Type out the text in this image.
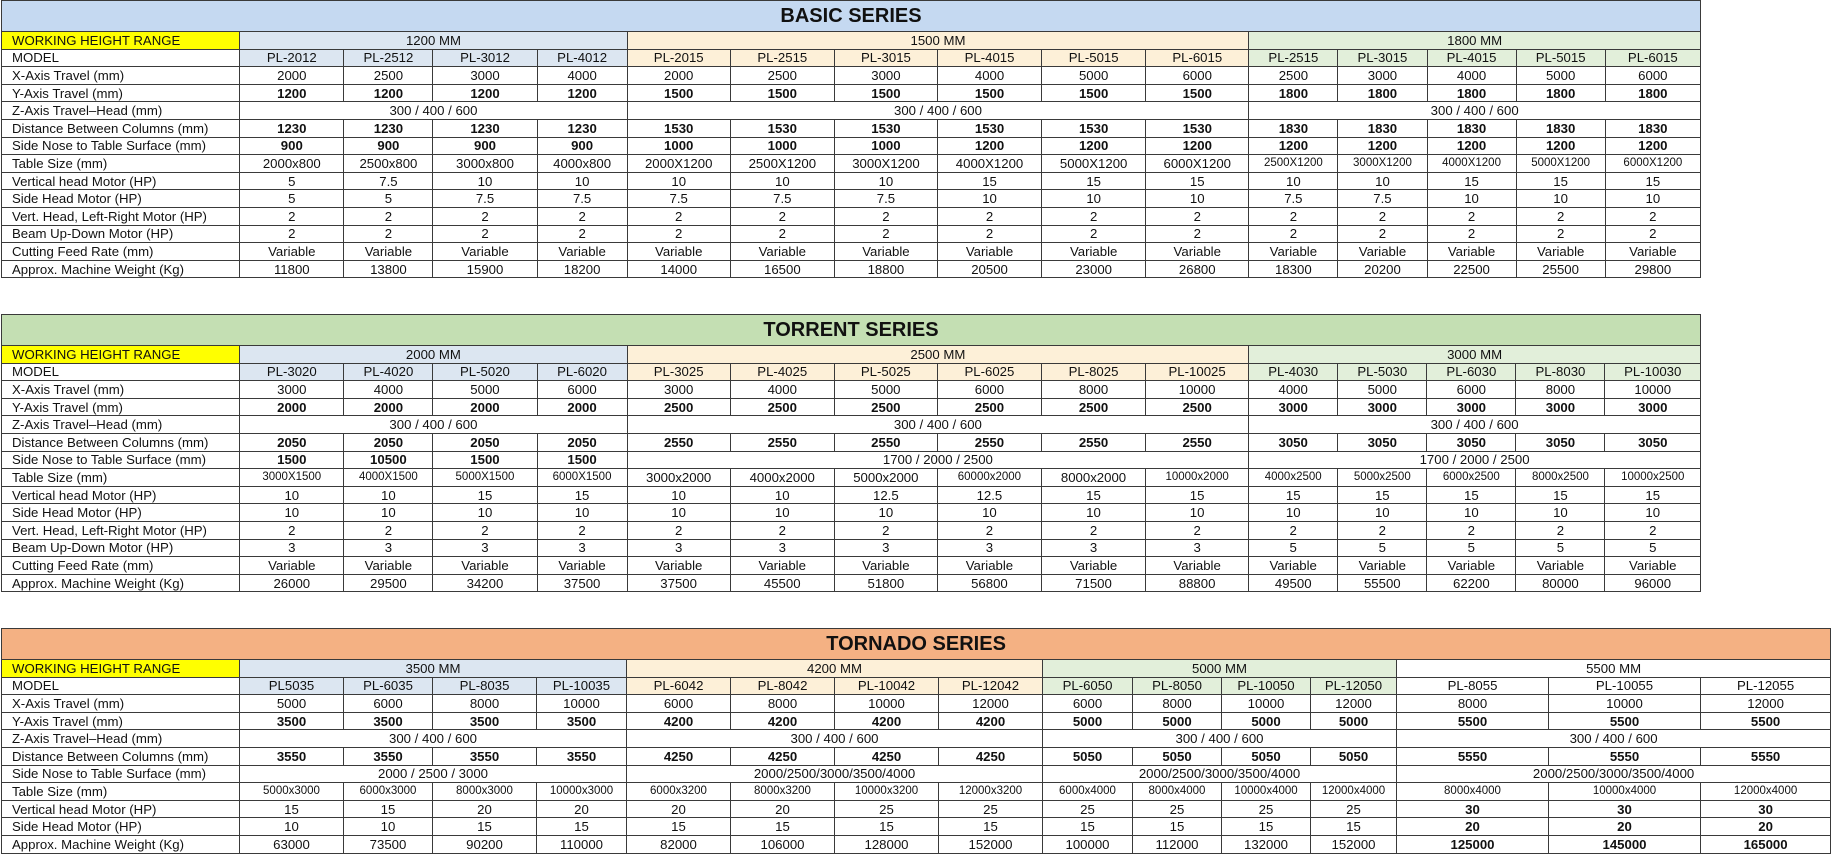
BASIC SERIES															
WORKING HEIGHT RANGE	1200 MM				1500 MM						1800 MM				
MODEL	PL-2012	PL-2512	PL-3012	PL-4012	PL-2015	PL-2515	PL-3015	PL-4015	PL-5015	PL-6015	PL-2515	PL-3015	PL-4015	PL-5015	PL-6015
X-Axis Travel (mm)	2000	2500	3000	4000	2000	2500	3000	4000	5000	6000	2500	3000	4000	5000	6000
Y-Axis Travel (mm)	1200	1200	1200	1200	1500	1500	1500	1500	1500	1500	1800	1800	1800	1800	1800
Z-Axis Travel–Head (mm)	300 / 400 / 600				300 / 400 / 600						300 / 400 / 600				
Distance Between Columns (mm)	1230	1230	1230	1230	1530	1530	1530	1530	1530	1530	1830	1830	1830	1830	1830
Side Nose to Table Surface (mm)	900	900	900	900	1000	1000	1000	1200	1200	1200	1200	1200	1200	1200	1200
Table Size (mm)	2000x800	2500x800	3000x800	4000x800	2000X1200	2500X1200	3000X1200	4000X1200	5000X1200	6000X1200	2500X1200	3000X1200	4000X1200	5000X1200	6000X1200
Vertical head Motor (HP)	5	7.5	10	10	10	10	10	15	15	15	10	10	15	15	15
Side Head Motor (HP)	5	5	7.5	7.5	7.5	7.5	7.5	10	10	10	7.5	7.5	10	10	10
Vert. Head, Left-Right Motor (HP)	2	2	2	2	2	2	2	2	2	2	2	2	2	2	2
Beam Up-Down Motor (HP)	2	2	2	2	2	2	2	2	2	2	2	2	2	2	2
Cutting Feed Rate (mm)	Variable	Variable	Variable	Variable	Variable	Variable	Variable	Variable	Variable	Variable	Variable	Variable	Variable	Variable	Variable
Approx. Machine Weight (Kg)	11800	13800	15900	18200	14000	16500	18800	20500	23000	26800	18300	20200	22500	25500	29800
TORRENT SERIES															
WORKING HEIGHT RANGE	2000 MM				2500 MM						3000 MM				
MODEL	PL-3020	PL-4020	PL-5020	PL-6020	PL-3025	PL-4025	PL-5025	PL-6025	PL-8025	PL-10025	PL-4030	PL-5030	PL-6030	PL-8030	PL-10030
X-Axis Travel (mm)	3000	4000	5000	6000	3000	4000	5000	6000	8000	10000	4000	5000	6000	8000	10000
Y-Axis Travel (mm)	2000	2000	2000	2000	2500	2500	2500	2500	2500	2500	3000	3000	3000	3000	3000
Z-Axis Travel–Head (mm)	300 / 400 / 600				300 / 400 / 600						300 / 400 / 600				
Distance Between Columns (mm)	2050	2050	2050	2050	2550	2550	2550	2550	2550	2550	3050	3050	3050	3050	3050
Side Nose to Table Surface (mm)	1500	10500	1500	1500	1700 / 2000 / 2500						1700 / 2000 / 2500				
Table Size (mm)	3000X1500	4000X1500	5000X1500	6000X1500	3000x2000	4000x2000	5000x2000	60000x2000	8000x2000	10000x2000	4000x2500	5000x2500	6000x2500	8000x2500	10000x2500
Vertical head Motor (HP)	10	10	15	15	10	10	12.5	12.5	15	15	15	15	15	15	15
Side Head Motor (HP)	10	10	10	10	10	10	10	10	10	10	10	10	10	10	10
Vert. Head, Left-Right Motor (HP)	2	2	2	2	2	2	2	2	2	2	2	2	2	2	2
Beam Up-Down Motor (HP)	3	3	3	3	3	3	3	3	3	3	5	5	5	5	5
Cutting Feed Rate (mm)	Variable	Variable	Variable	Variable	Variable	Variable	Variable	Variable	Variable	Variable	Variable	Variable	Variable	Variable	Variable
Approx. Machine Weight (Kg)	26000	29500	34200	37500	37500	45500	51800	56800	71500	88800	49500	55500	62200	80000	96000
TORNADO SERIES															
WORKING HEIGHT RANGE	3500 MM				4200 MM				5000 MM				5500 MM		
MODEL	PL5035	PL-6035	PL-8035	PL-10035	PL-6042	PL-8042	PL-10042	PL-12042	PL-6050	PL-8050	PL-10050	PL-12050	PL-8055	PL-10055	PL-12055
X-Axis Travel (mm)	5000	6000	8000	10000	6000	8000	10000	12000	6000	8000	10000	12000	8000	10000	12000
Y-Axis Travel (mm)	3500	3500	3500	3500	4200	4200	4200	4200	5000	5000	5000	5000	5500	5500	5500
Z-Axis Travel–Head (mm)	300 / 400 / 600				300 / 400 / 600				300 / 400 / 600				300 / 400 / 600		
Distance Between Columns (mm)	3550	3550	3550	3550	4250	4250	4250	4250	5050	5050	5050	5050	5550	5550	5550
Side Nose to Table Surface (mm)	2000 / 2500 / 3000				2000/2500/3000/3500/4000				2000/2500/3000/3500/4000				2000/2500/3000/3500/4000		
Table Size (mm)	5000x3000	6000x3000	8000x3000	10000x3000	6000x3200	8000x3200	10000x3200	12000x3200	6000x4000	8000x4000	10000x4000	12000x4000	8000x4000	10000x4000	12000x4000
Vertical head Motor (HP)	15	15	20	20	20	20	25	25	25	25	25	25	30	30	30
Side Head Motor (HP)	10	10	15	15	15	15	15	15	15	15	15	15	20	20	20
Approx. Machine Weight (Kg)	63000	73500	90200	110000	82000	106000	128000	152000	100000	112000	132000	152000	125000	145000	165000
